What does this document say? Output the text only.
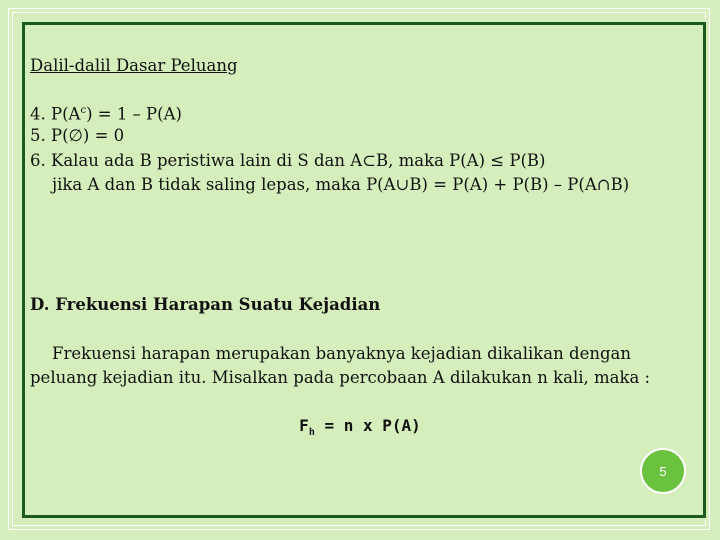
Dalil-dalil Dasar Peluang
4. $P(A^c) = 1 - P(A)$
5. P(∅) = 0
6. Kalau ada B peristiwa lain di S dan A⊂B, maka P(A) ≤ P(B)
jika A dan B tidak saling lepas, maka P(A∪B) = P(A) + P(B) – P(A∩B)
D. Frekuensi Harapan Suatu Kejadian
Frekuensi harapan merupakan banyaknya kejadian dikalikan dengan
peluang kejadian itu. Misalkan pada percobaan A dilakukan n kali, maka :
$F_h = n$ x P(A)
5
